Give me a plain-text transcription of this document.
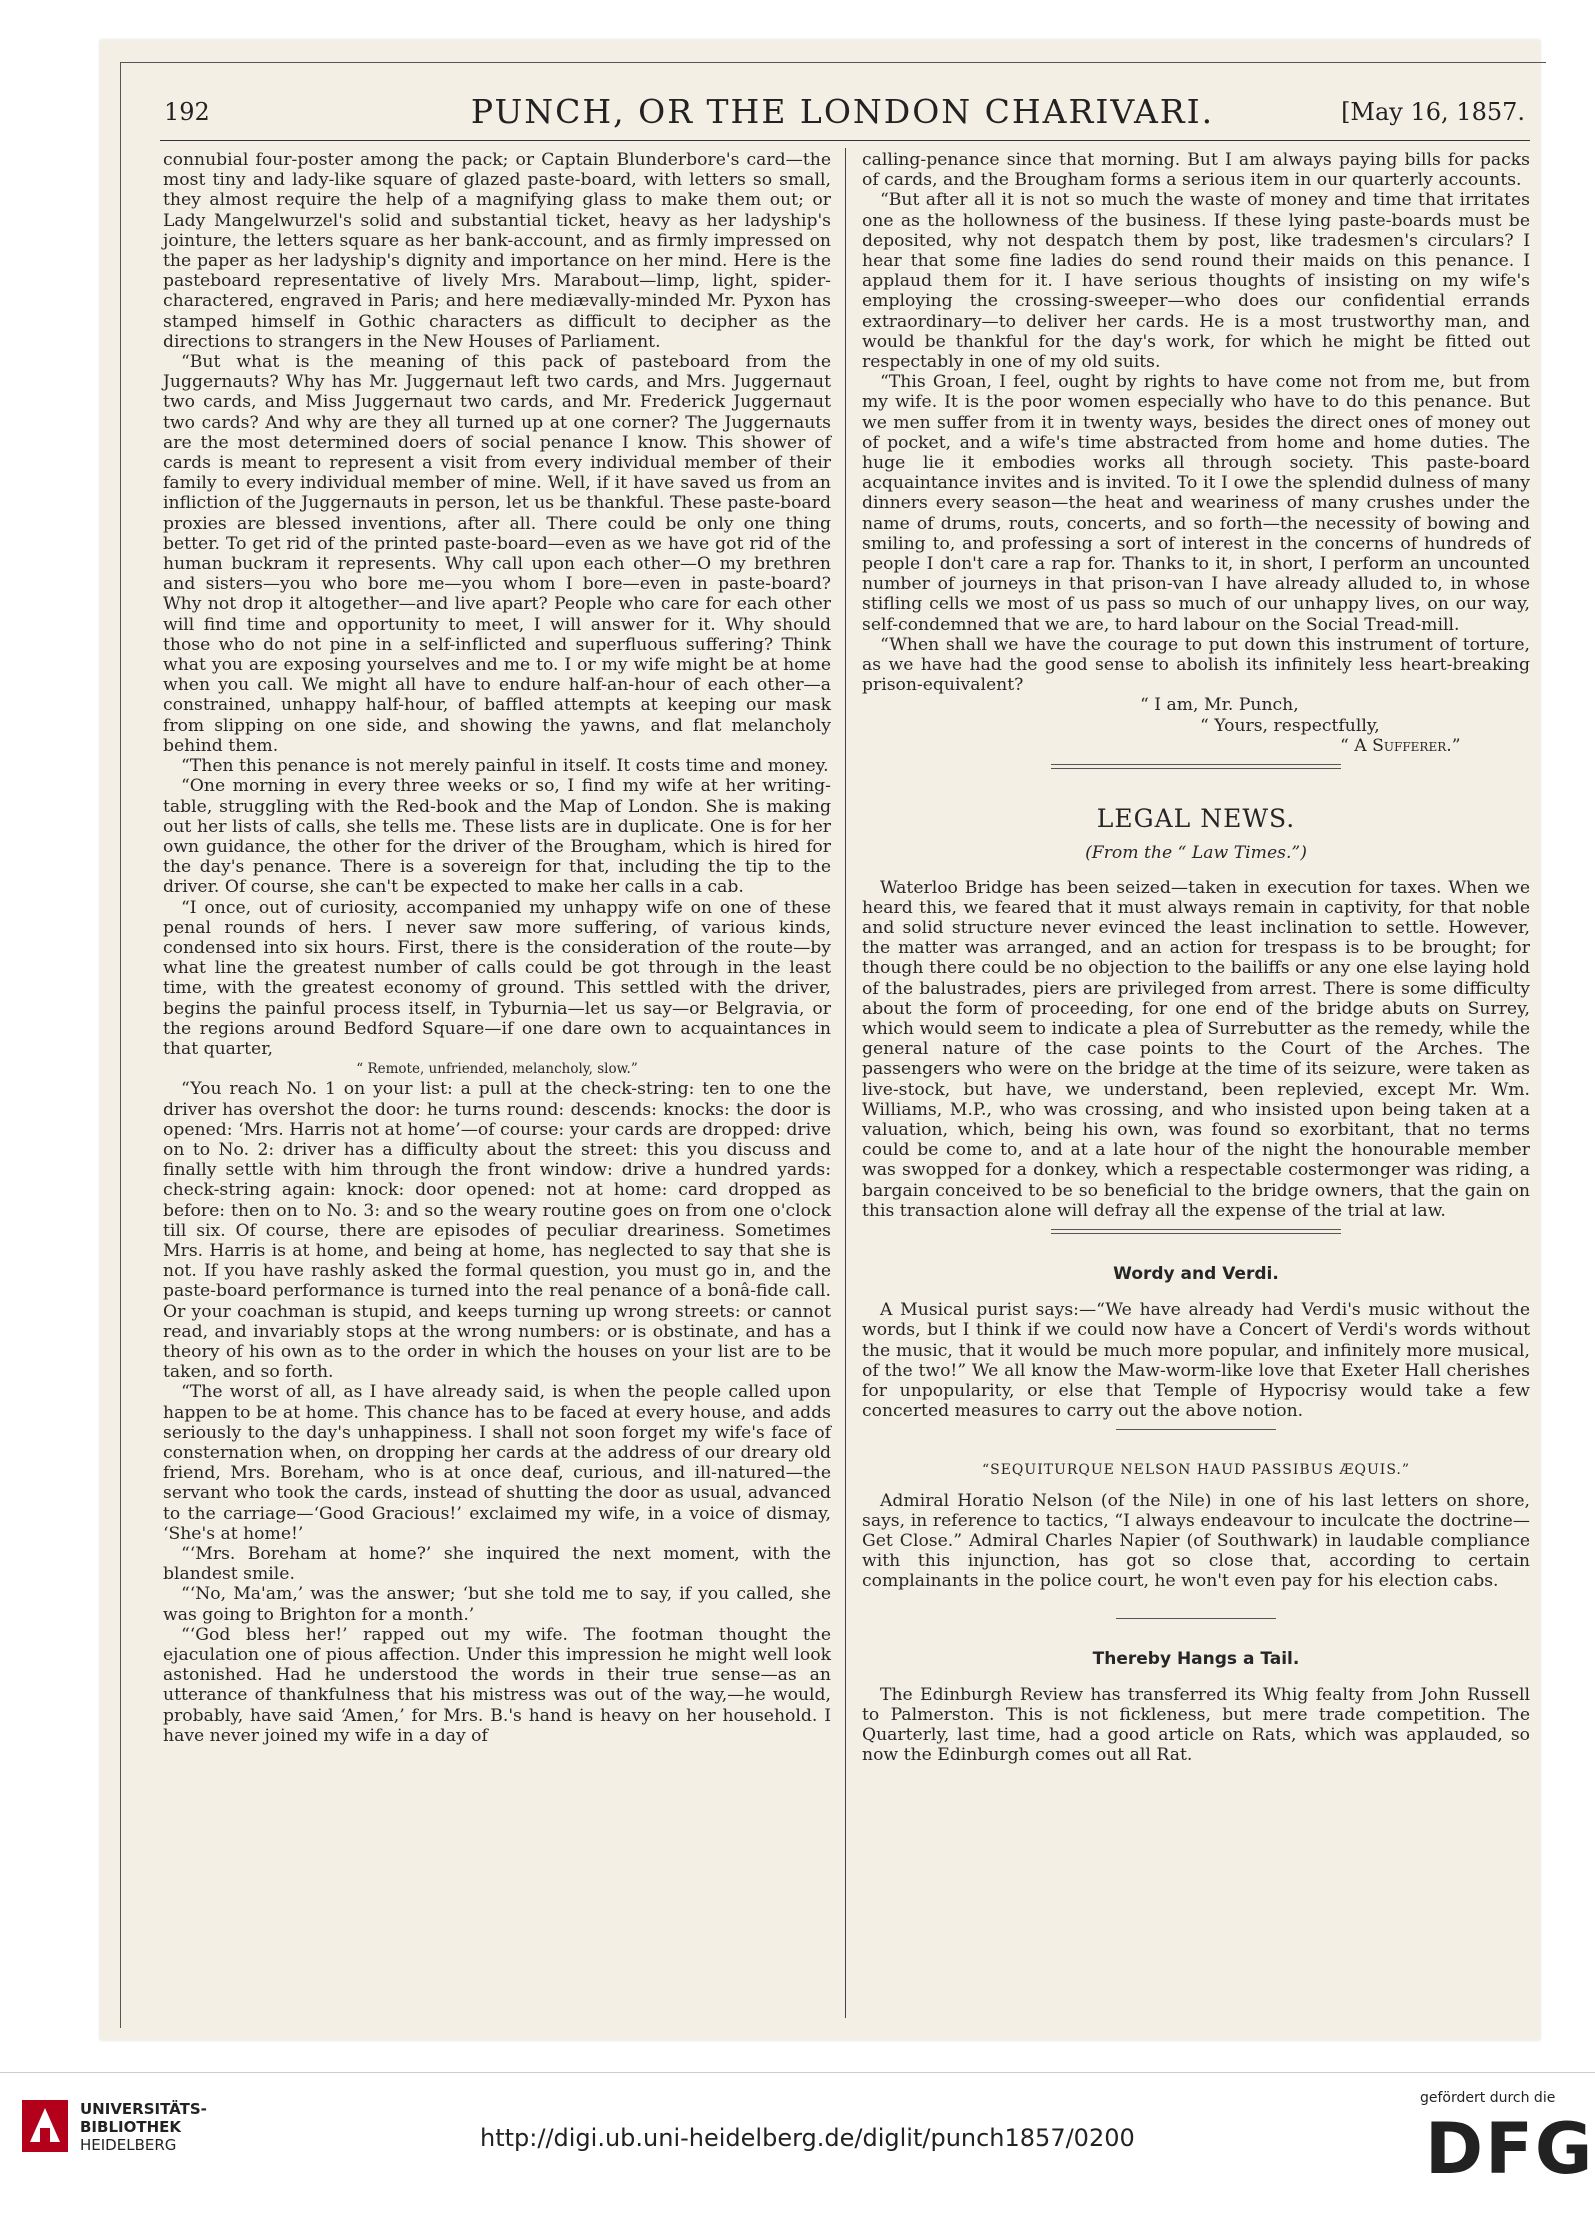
192	PUNCH, OR THE LONDON CHARIVARI.	[May 16, 1857.

connubial four-poster among the pack; or Captain Blunderbore's card—the most tiny and lady-like square of glazed paste-board, with letters so small, they almost require the help of a magnifying glass to make them out; or Lady Mangelwurzel's solid and substantial ticket, heavy as her ladyship's jointure, the letters square as her bank-account, and as firmly impressed on the paper as her ladyship's dignity and importance on her mind. Here is the pasteboard representative of lively Mrs. Marabout—limp, light, spider-charactered, engraved in Paris; and here mediævally-minded Mr. Pyxon has stamped himself in Gothic characters as difficult to decipher as the directions to strangers in the New Houses of Parliament.

“But what is the meaning of this pack of pasteboard from the Juggernauts? Why has Mr. Juggernaut left two cards, and Mrs. Juggernaut two cards, and Miss Juggernaut two cards, and Mr. Frederick Juggernaut two cards? And why are they all turned up at one corner? The Juggernauts are the most determined doers of social penance I know. This shower of cards is meant to represent a visit from every individual member of their family to every individual member of mine. Well, if it have saved us from an infliction of the Juggernauts in person, let us be thankful. These paste-board proxies are blessed inventions, after all. There could be only one thing better. To get rid of the printed paste-board—even as we have got rid of the human buckram it represents. Why call upon each other—O my brethren and sisters—you who bore me—you whom I bore—even in paste-board? Why not drop it altogether—and live apart? People who care for each other will find time and opportunity to meet, I will answer for it. Why should those who do not pine in a self-inflicted and superfluous suffering? Think what you are exposing yourselves and me to. I or my wife might be at home when you call. We might all have to endure half-an-hour of each other—a constrained, unhappy half-hour, of baffled attempts at keeping our mask from slipping on one side, and showing the yawns, and flat melancholy behind them.

“Then this penance is not merely painful in itself. It costs time and money.

“One morning in every three weeks or so, I find my wife at her writing-table, struggling with the Red-book and the Map of London. She is making out her lists of calls, she tells me. These lists are in duplicate. One is for her own guidance, the other for the driver of the Brougham, which is hired for the day's penance. There is a sovereign for that, including the tip to the driver. Of course, she can't be expected to make her calls in a cab.

“I once, out of curiosity, accompanied my unhappy wife on one of these penal rounds of hers. I never saw more suffering, of various kinds, condensed into six hours. First, there is the consideration of the route—by what line the greatest number of calls could be got through in the least time, with the greatest economy of ground. This settled with the driver, begins the painful process itself, in Tyburnia—let us say—or Belgravia, or the regions around Bedford Square—if one dare own to acquaintances in that quarter,

“ Remote, unfriended, melancholy, slow.”

“You reach No. 1 on your list: a pull at the check-string: ten to one the driver has overshot the door: he turns round: descends: knocks: the door is opened: ‘Mrs. Harris not at home’—of course: your cards are dropped: drive on to No. 2: driver has a difficulty about the street: this you discuss and finally settle with him through the front window: drive a hundred yards: check-string again: knock: door opened: not at home: card dropped as before: then on to No. 3: and so the weary routine goes on from one o'clock till six. Of course, there are episodes of peculiar dreariness. Sometimes Mrs. Harris is at home, and being at home, has neglected to say that she is not. If you have rashly asked the formal question, you must go in, and the paste-board performance is turned into the real penance of a bonâ-fide call. Or your coachman is stupid, and keeps turning up wrong streets: or cannot read, and invariably stops at the wrong numbers: or is obstinate, and has a theory of his own as to the order in which the houses on your list are to be taken, and so forth.

“The worst of all, as I have already said, is when the people called upon happen to be at home. This chance has to be faced at every house, and adds seriously to the day's unhappiness. I shall not soon forget my wife's face of consternation when, on dropping her cards at the address of our dreary old friend, Mrs. Boreham, who is at once deaf, curious, and ill-natured—the servant who took the cards, instead of shutting the door as usual, advanced to the carriage—‘Good Gracious!’ exclaimed my wife, in a voice of dismay, ‘She's at home!’

“‘Mrs. Boreham at home?’ she inquired the next moment, with the blandest smile.

“‘No, Ma'am,’ was the answer; ‘but she told me to say, if you called, she was going to Brighton for a month.’

“‘God bless her!’ rapped out my wife. The footman thought the ejaculation one of pious affection. Under this impression he might well look astonished. Had he understood the words in their true sense—as an utterance of thankfulness that his mistress was out of the way,—he would, probably, have said ‘Amen,’ for Mrs. B.'s hand is heavy on her household. I have never joined my wife in a day of

calling-penance since that morning. But I am always paying bills for packs of cards, and the Brougham forms a serious item in our quarterly accounts.

“But after all it is not so much the waste of money and time that irritates one as the hollowness of the business. If these lying paste-boards must be deposited, why not despatch them by post, like tradesmen's circulars? I hear that some fine ladies do send round their maids on this penance. I applaud them for it. I have serious thoughts of insisting on my wife's employing the crossing-sweeper—who does our confidential errands extraordinary—to deliver her cards. He is a most trustworthy man, and would be thankful for the day's work, for which he might be fitted out respectably in one of my old suits.

“This Groan, I feel, ought by rights to have come not from me, but from my wife. It is the poor women especially who have to do this penance. But we men suffer from it in twenty ways, besides the direct ones of money out of pocket, and a wife's time abstracted from home and home duties. The huge lie it embodies works all through society. This paste-board acquaintance invites and is invited. To it I owe the splendid dulness of many dinners every season—the heat and weariness of many crushes under the name of drums, routs, concerts, and so forth—the necessity of bowing and smiling to, and professing a sort of interest in the concerns of hundreds of people I don't care a rap for. Thanks to it, in short, I perform an uncounted number of journeys in that prison-van I have already alluded to, in whose stifling cells we most of us pass so much of our unhappy lives, on our way, self-condemned that we are, to hard labour on the Social Tread-mill.

“When shall we have the courage to put down this instrument of torture, as we have had the good sense to abolish its infinitely less heart-breaking prison-equivalent?

“ I am, Mr. Punch,

“ Yours, respectfully,

“ A Sufferer.”

LEGAL NEWS.
(From the “ Law Times.”)

Waterloo Bridge has been seized—taken in execution for taxes. When we heard this, we feared that it must always remain in captivity, for that noble and solid structure never evinced the least inclination to settle. However, the matter was arranged, and an action for trespass is to be brought; for though there could be no objection to the bailiffs or any one else laying hold of the balustrades, piers are privileged from arrest. There is some difficulty about the form of proceeding, for one end of the bridge abuts on Surrey, which would seem to indicate a plea of Surrebutter as the remedy, while the general nature of the case points to the Court of the Arches. The passengers who were on the bridge at the time of its seizure, were taken as live-stock, but have, we understand, been replevied, except Mr. Wm. Williams, M.P., who was crossing, and who insisted upon being taken at a valuation, which, being his own, was found so exorbitant, that no terms could be come to, and at a late hour of the night the honourable member was swopped for a donkey, which a respectable costermonger was riding, a bargain conceived to be so beneficial to the bridge owners, that the gain on this transaction alone will defray all the expense of the trial at law.

Wordy and Verdi.

A Musical purist says:—“We have already had Verdi's music without the words, but I think if we could now have a Concert of Verdi's words without the music, that it would be much more popular, and infinitely more musical, of the two!” We all know the Maw-worm-like love that Exeter Hall cherishes for unpopularity, or else that Temple of Hypocrisy would take a few concerted measures to carry out the above notion.

“SEQUITURQUE NELSON HAUD PASSIBUS ÆQUIS.”

Admiral Horatio Nelson (of the Nile) in one of his last letters on shore, says, in reference to tactics, “I always endeavour to inculcate the doctrine—Get Close.” Admiral Charles Napier (of Southwark) in laudable compliance with this injunction, has got so close that, according to certain complainants in the police court, he won't even pay for his election cabs.

Thereby Hangs a Tail.

The Edinburgh Review has transferred its Whig fealty from John Russell to Palmerston. This is not fickleness, but mere trade competition. The Quarterly, last time, had a good article on Rats, which was applauded, so now the Edinburgh comes out all Rat.

UNIVERSITÄTS-
BIBLIOTHEK
HEIDELBERG	http://digi.ub.uni-heidelberg.de/diglit/punch1857/0200
gefördert durch die
DFG
